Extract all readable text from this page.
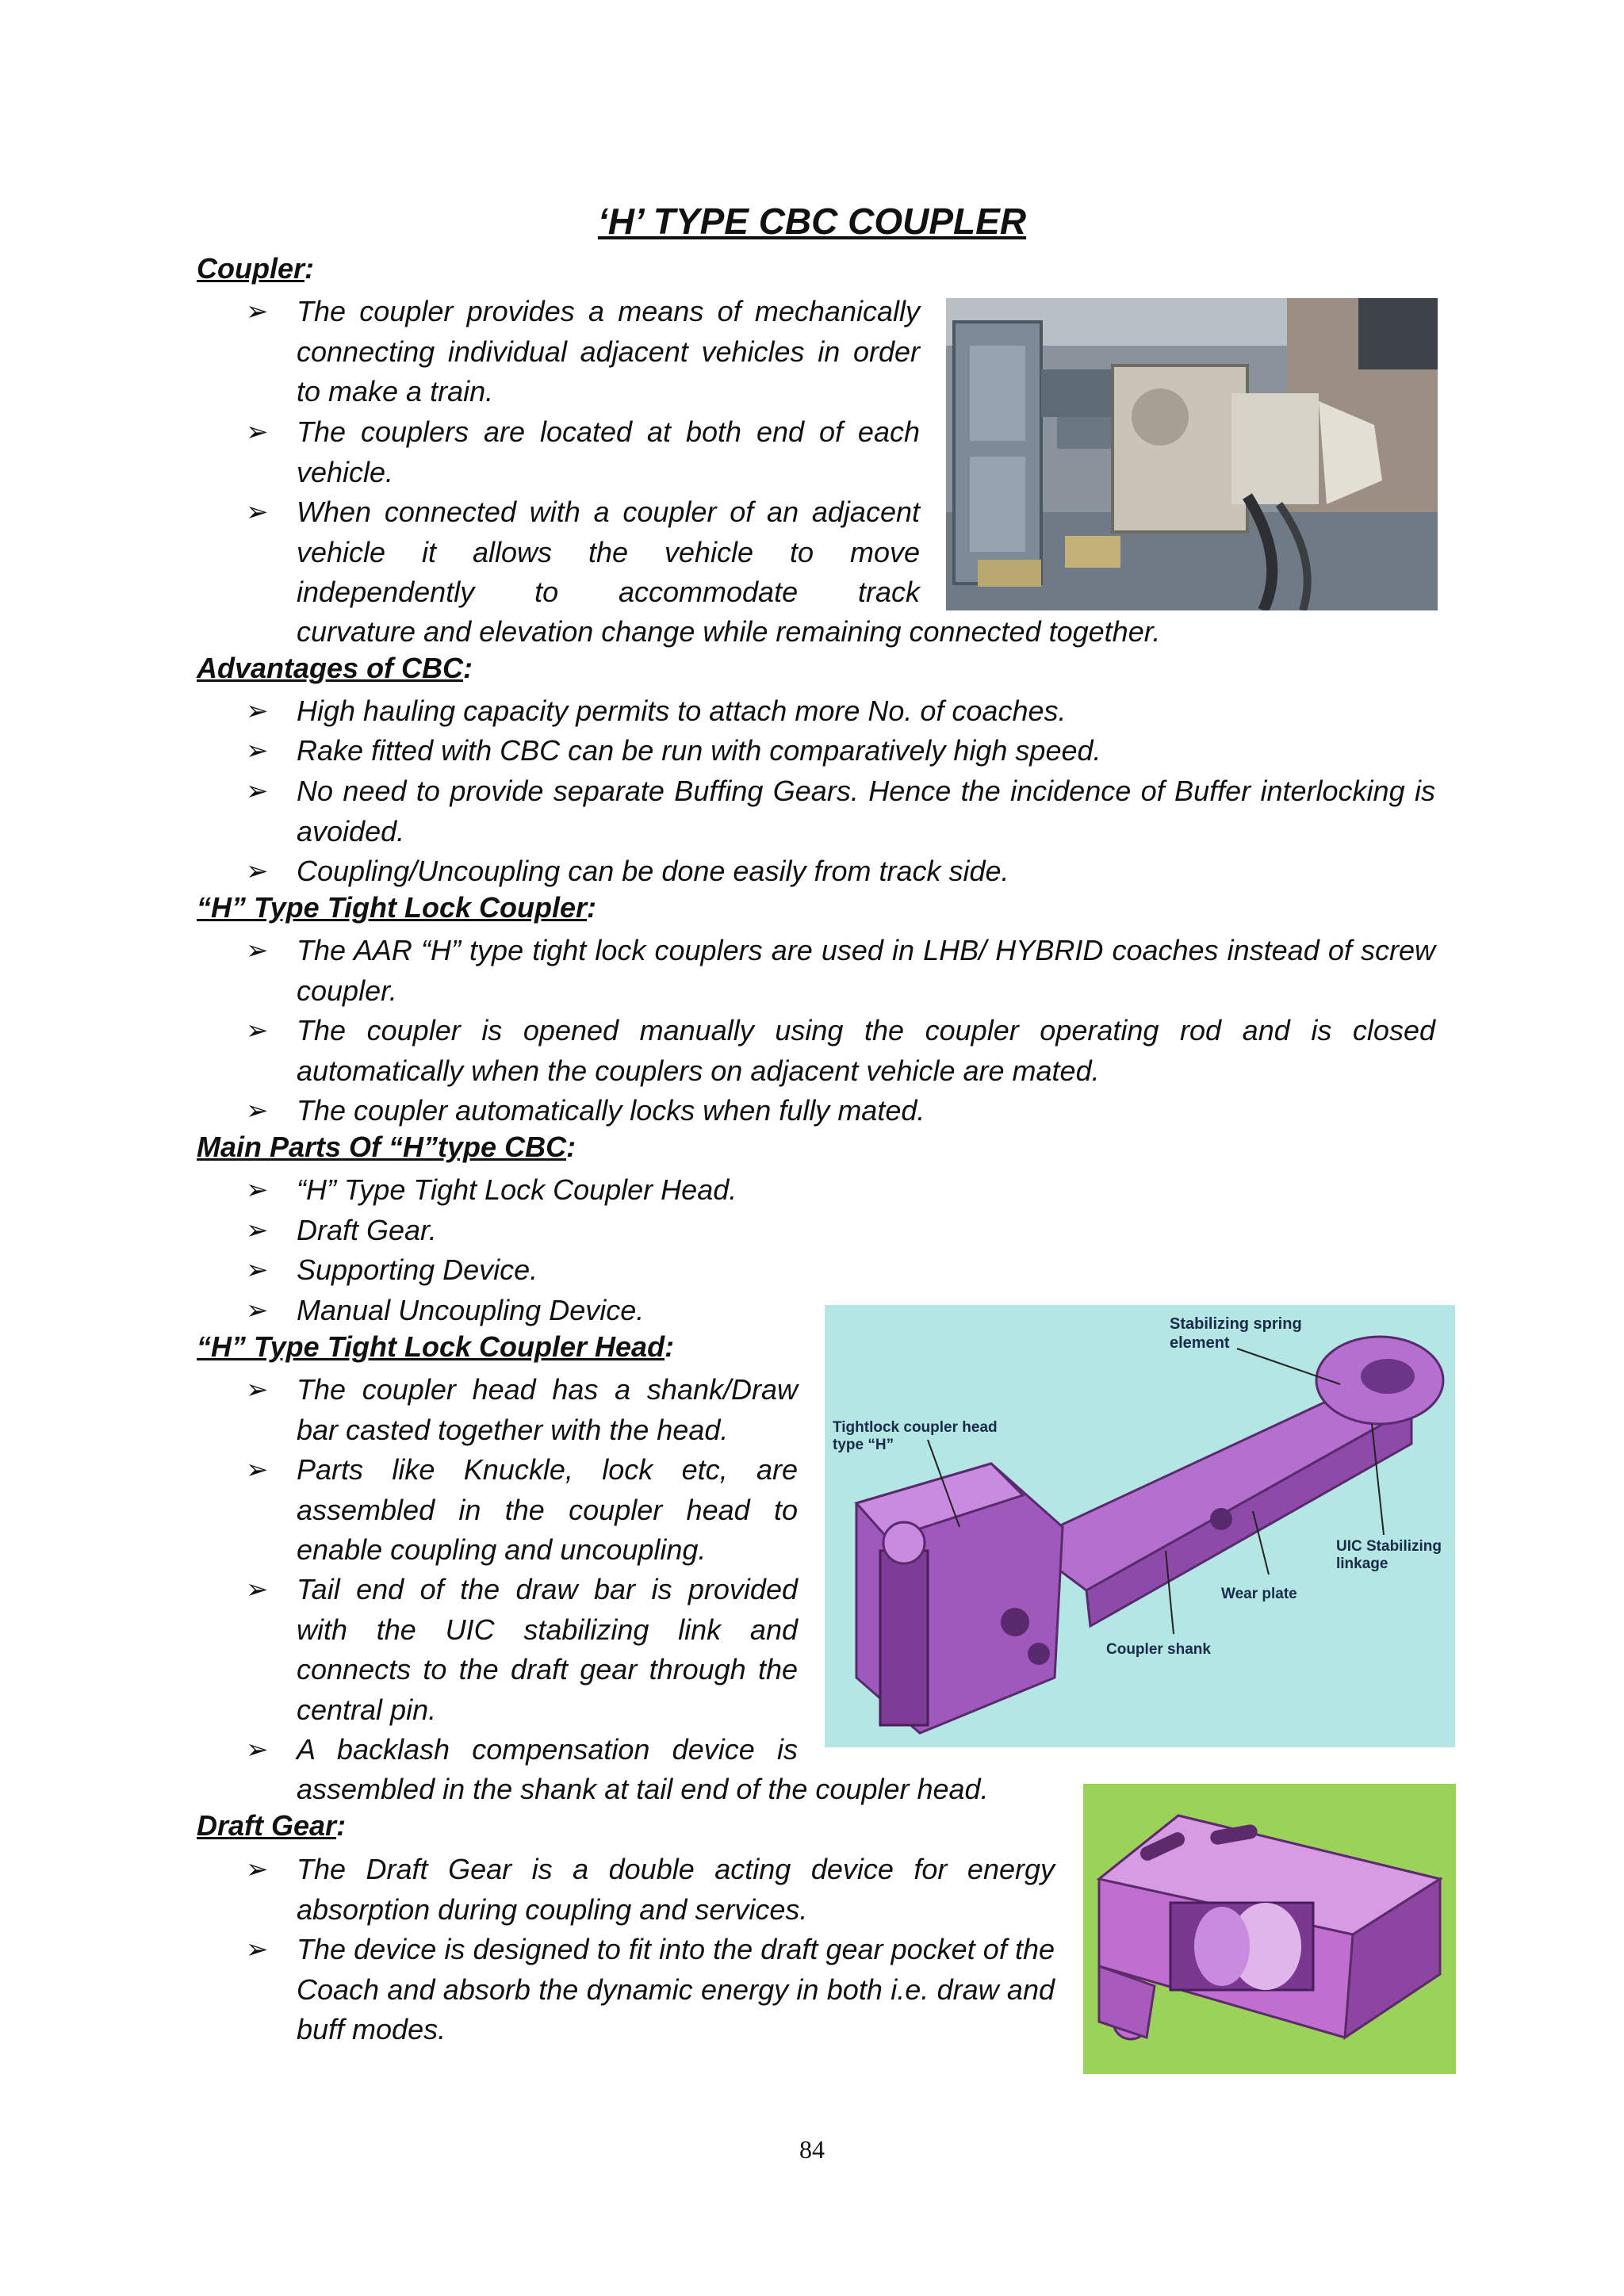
‘H’ TYPE CBC COUPLER
Coupler:
➢ The coupler provides a means of mechanically connecting individual adjacent vehicles in order to make a train.
➢ The couplers are located at both end of each vehicle.
➢ When connected with a coupler of an adjacent vehicle it allows the vehicle to move independently to accommodate track
curvature and elevation change while remaining connected together.
Advantages of CBC:
➢ High hauling capacity permits to attach more No. of coaches.
➢ Rake fitted with CBC can be run with comparatively high speed.
➢ No need to provide separate Buffing Gears. Hence the incidence of Buffer interlocking is avoided.
➢ Coupling/Uncoupling can be done easily from track side.
“H” Type Tight Lock Coupler:
➢ The AAR “H” type tight lock couplers are used in LHB/ HYBRID coaches instead of screw coupler.
➢ The coupler is opened manually using the coupler operating rod and is closed automatically when the couplers on adjacent vehicle are mated.
➢ The coupler automatically locks when fully mated.
Main Parts Of “H”type CBC:
➢ “H” Type Tight Lock Coupler Head.
➢ Draft Gear.
➢ Supporting Device.
➢ Manual Uncoupling Device.
“H” Type Tight Lock Coupler Head:
➢ The coupler head has a shank/Draw bar casted together with the head.
➢ Parts like Knuckle, lock etc, are assembled in the coupler head to enable coupling and uncoupling.
➢ Tail end of the draw bar is provided with the UIC stabilizing link and connects to the draft gear through the central pin.
➢ A backlash compensation device is
assembled in the shank at tail end of the coupler head.
Stabilizing spring
element
Tightlock coupler head
type “H”
UIC Stabilizing
linkage
Wear plate
Coupler shank
Draft Gear:
➢ The Draft Gear is a double acting device for energy absorption during coupling and services.
➢ The device is designed to fit into the draft gear pocket of the Coach and absorb the dynamic energy in both i.e. draw and buff modes.
84
